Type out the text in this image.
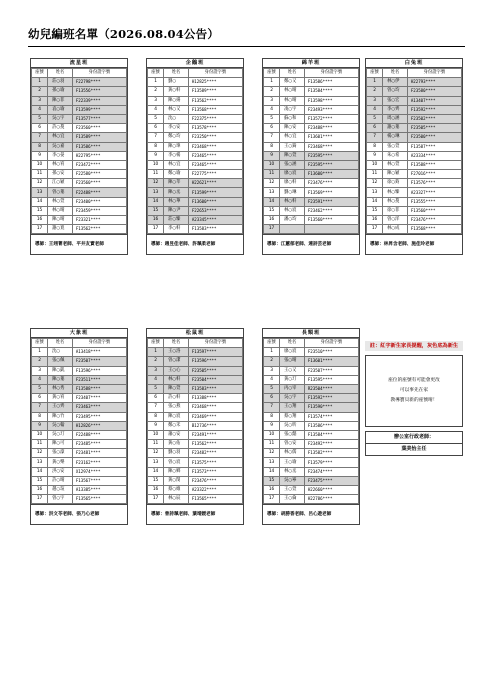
幼兒編班名單（2026.08.04公告）
流星班
座號	姓名	身份證字號
1	莊○羽	F22798****
2	孫○瑜	F13556****
3	陳○菲	F22339****
4	袁○瑜	F13599****
5	吳○宇	F13577****
6	許○蔓	F23560****
7	林○宜	F13589****
8	吳○嘉	F13586****
9	李○晏	H22795****
10	林○宥	F23472****
11	孫○安	F22580****
12	江○穎	F23560****
13	曾○蓁	F22488****
14	林○萱	F23400****
15	林○晴	F23459****
16	陳○晴	F23321****
17	謝○寬	F13562****
導師：王翊菁老師、平井友實老師
企鵝班
座號	姓名	身份證字號
1	劉○	H12825****
2	黃○軒	F13589****
3	陳○揚	F13562****
4	林○又	F13568****
5	沈○	F22375****
6	李○安	F13578****
7	鄭○均	F23250****
8	陳○瑋	F23468****
9	李○楊	F23465****
10	林○宜	F23465****
11	鄭○瑜	F22775****
12	陳○莘	H22621****
13	陳○丞	F13599****
14	林○華	F13600****
15	陳○尹	F22653****
16	莊○臻	A23345****
17	李○軒	F13583****
導師：趙昱佳老師、許珮柔老師
綿羊班
座號	姓名	身份證字號
1	鄭○又	F13586****
2	林○晴	F13584****
3	林○晴	F13598****
4	凌○宇	F23493****
5	蘇○和	F13572****
6	陳○安	F23488****
7	林○宜	F13601****
8	王○錡	F23468****
9	陳○萱	F23595****
10	張○涵	F23595****
11	廖○宸	F13600****
12	廖○軒	F23476****
13	劉○琳	F13569****
14	林○軒	F23591****
15	林○宸	F23462****
16	潘○均	F13560****
17		
導師：江蕙郁老師、連詩芸老師
白兔班
座號	姓名	身份證字號
1	林○伊	H22793****
2	曾○均	F23580****
3	張○宏	A13407****
4	李○齊	F13592****
5	周○涵	F23502****
6	謝○蓁	F23505****
7	楊○琳	F23500****
8	張○萱	F13587****
9	朱○希	A23334****
10	林○萱	F13588****
11	陳○穎	F27016****
12	徐○鈞	F13576****
13	林○臻	A23327****
14	林○蔓	F13555****
15	徐○菲	F13560****
16	曾○洋	F23476****
17	林○成	F13568****
導師：林昇含老師、施佳玲老師
大象班
座號	姓名	身份證字號
1	沈○	A13418****
2	張○佩	F23507****
3	陳○凱	F13596****
4	陳○蓁	F23511****
5	林○秀	F13588****
6	黃○宥	F23407****
7	王○齊	F23463****
8	陳○竹	F23495****
9	吳○翰	H12826****
10	吳○玎	F22488****
11	陳○可	F23485****
12	張○濠	F23481****
13	黃○樂	F23162****
14	洪○安	X12974****
15	許○晴	F13567****
16	趙○瑄	A13385****
17	曾○宇	F13565****
導師：洪文苓老師、張乃心老師
松鼠班
座號	姓名	身份證字號
1	王○洛	F13597****
2	曾○潔	F13596****
3	王○心	F23505****
4	林○軒	F23504****
5	陳○萱	F13583****
6	許○軒	F13388****
7	張○燕	F23468****
8	陳○宸	F23469****
9	鄭○禾	B12736****
10	蕭○安	F23491****
11	黃○佑	F13562****
12	劉○羽	F23482****
13	曾○宸	F13575****
14	陳○鄉	F13573****
15	黃○閔	F23476****
16	蔡○維	A23322****
17	林○辰	F13565****
導師：曾詩珮老師、葉靖媛老師
長頸班
座號	姓名	身份證字號
1	廖○宸	F23510****
2	張○晴	F13601****
3	王○又	F23507****
4	黃○玎	F13595****
5	丙○宰	R23504****
6	吳○宇	F13592****
7	王○翔	F13590****
8	蔡○翔	F13574****
9	吳○昕	F13586****
10	張○懿	F13584****
11	曾○安	F23492****
12	林○儒	F13582****
13	王○瑜	F13579****
14	林○丞	F23474****
15	吳○寧	F23475****
16	王○萱	H22660****
17	王○倫	H22786****
導師：胡勝香老師、呂心遊老師
註：紅字新生家長提醒，灰色底為新生
座位的座號有可能會更改
可以事先在家
教導寶貝新的座號唷！
辦公室行政老師：
葉美怡主任
